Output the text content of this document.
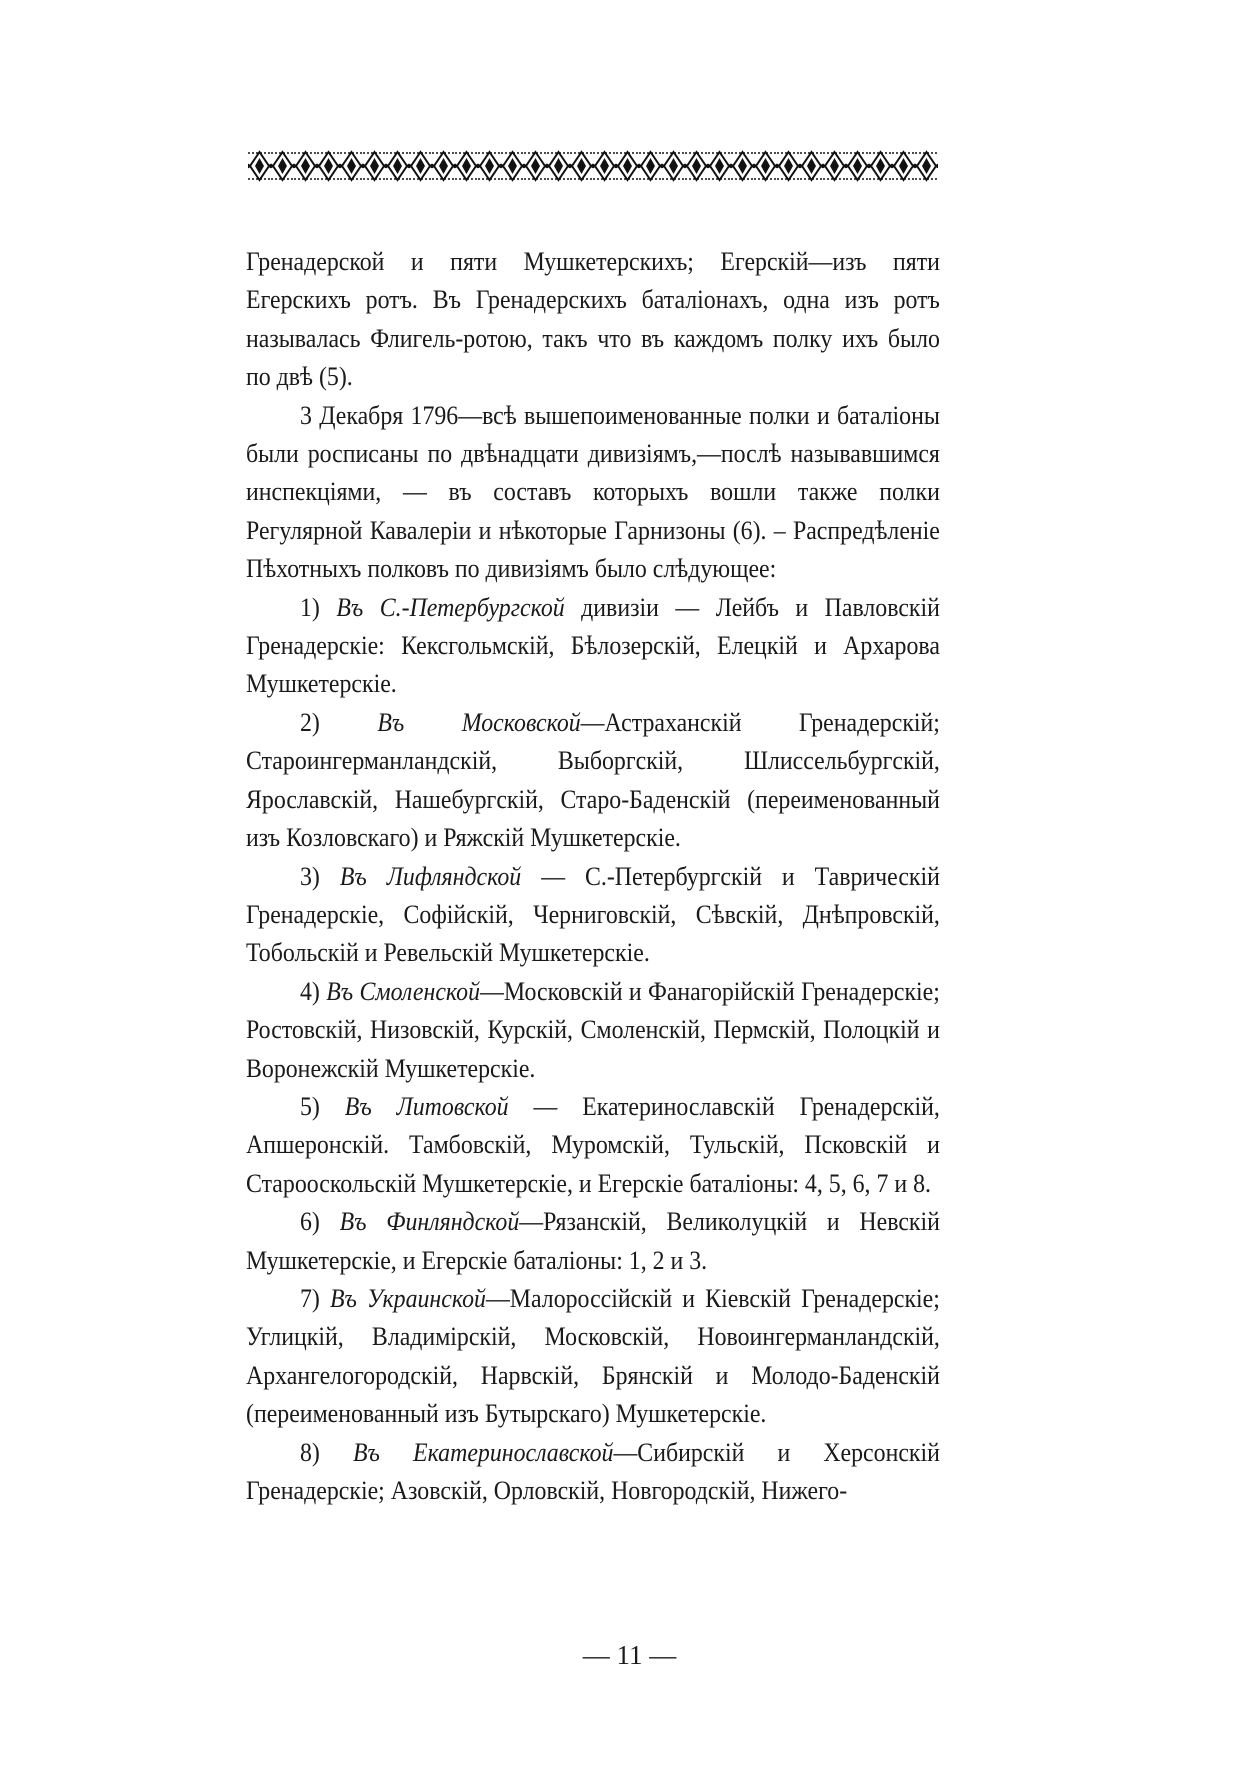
Гренадерской и пяти Мушкетерскихъ; Егерскій—изъ пяти Егерскихъ ротъ. Въ Гренадерскихъ баталіонахъ, одна изъ ротъ называлась Флигель-ротою, такъ что въ каждомъ полку ихъ было по двѣ (5).

3 Декабря 1796—всѣ вышепоименованные полки и баталіоны были росписаны по двѣнадцати дивизіямъ,—послѣ называвшимся инспекціями, — въ составъ которыхъ вошли также полки Регулярной Кавалеріи и нѣкоторые Гарнизоны (6). – Распредѣленіе Пѣхотныхъ полковъ по дивизіямъ было слѣдующее:

1) Въ С.-Петербургской дивизіи — Лейбъ и Павловскій Гренадерскіе: Кексгольмскій, Бѣлозерскій, Елецкій и Архарова Мушкетерскіе.

2) Въ Московской—Астраханскій Гренадерскій; Староингерманландскій, Выборгскій, Шлиссельбургскій, Ярославскій, Нашебургскій, Старо-Баденскій (переименованный изъ Козловскаго) и Ряжскій Мушкетерскіе.

3) Въ Лифляндской — С.-Петербургскій и Таврическій Гренадерскіе, Софійскій, Черниговскій, Сѣвскій, Днѣпровскій, Тобольскій и Ревельскій Мушкетерскіе.

4) Въ Смоленской—Московскій и Фанагорійскій Гренадерскіе; Ростовскій, Низовскій, Курскій, Смоленскій, Пермскій, Полоцкій и Воронежскій Мушкетерскіе.

5) Въ Литовской — Екатеринославскій Гренадерскій, Апшеронскій. Тамбовскій, Муромскій, Тульскій, Псковскій и Старооскольскій Мушкетерскіе, и Егерскіе баталіоны: 4, 5, 6, 7 и 8.

6) Въ Финляндской—Рязанскій, Великолуцкій и Невскій Мушкетерскіе, и Егерскіе баталіоны: 1, 2 и 3.

7) Въ Украинской—Малороссійскій и Кіевскій Гренадерскіе; Углицкій, Владимірскій, Московскій, Новоингерманландскій, Архангелогородскій, Нарвскій, Брянскій и Молодо-Баденскій (переименованный изъ Бутырскаго) Мушкетерскіе.

8) Въ Екатеринославской—Сибирскій и Херсонскій Гренадерскіе; Азовскій, Орловскій, Новгородскій, Нижего-

— 11 —
